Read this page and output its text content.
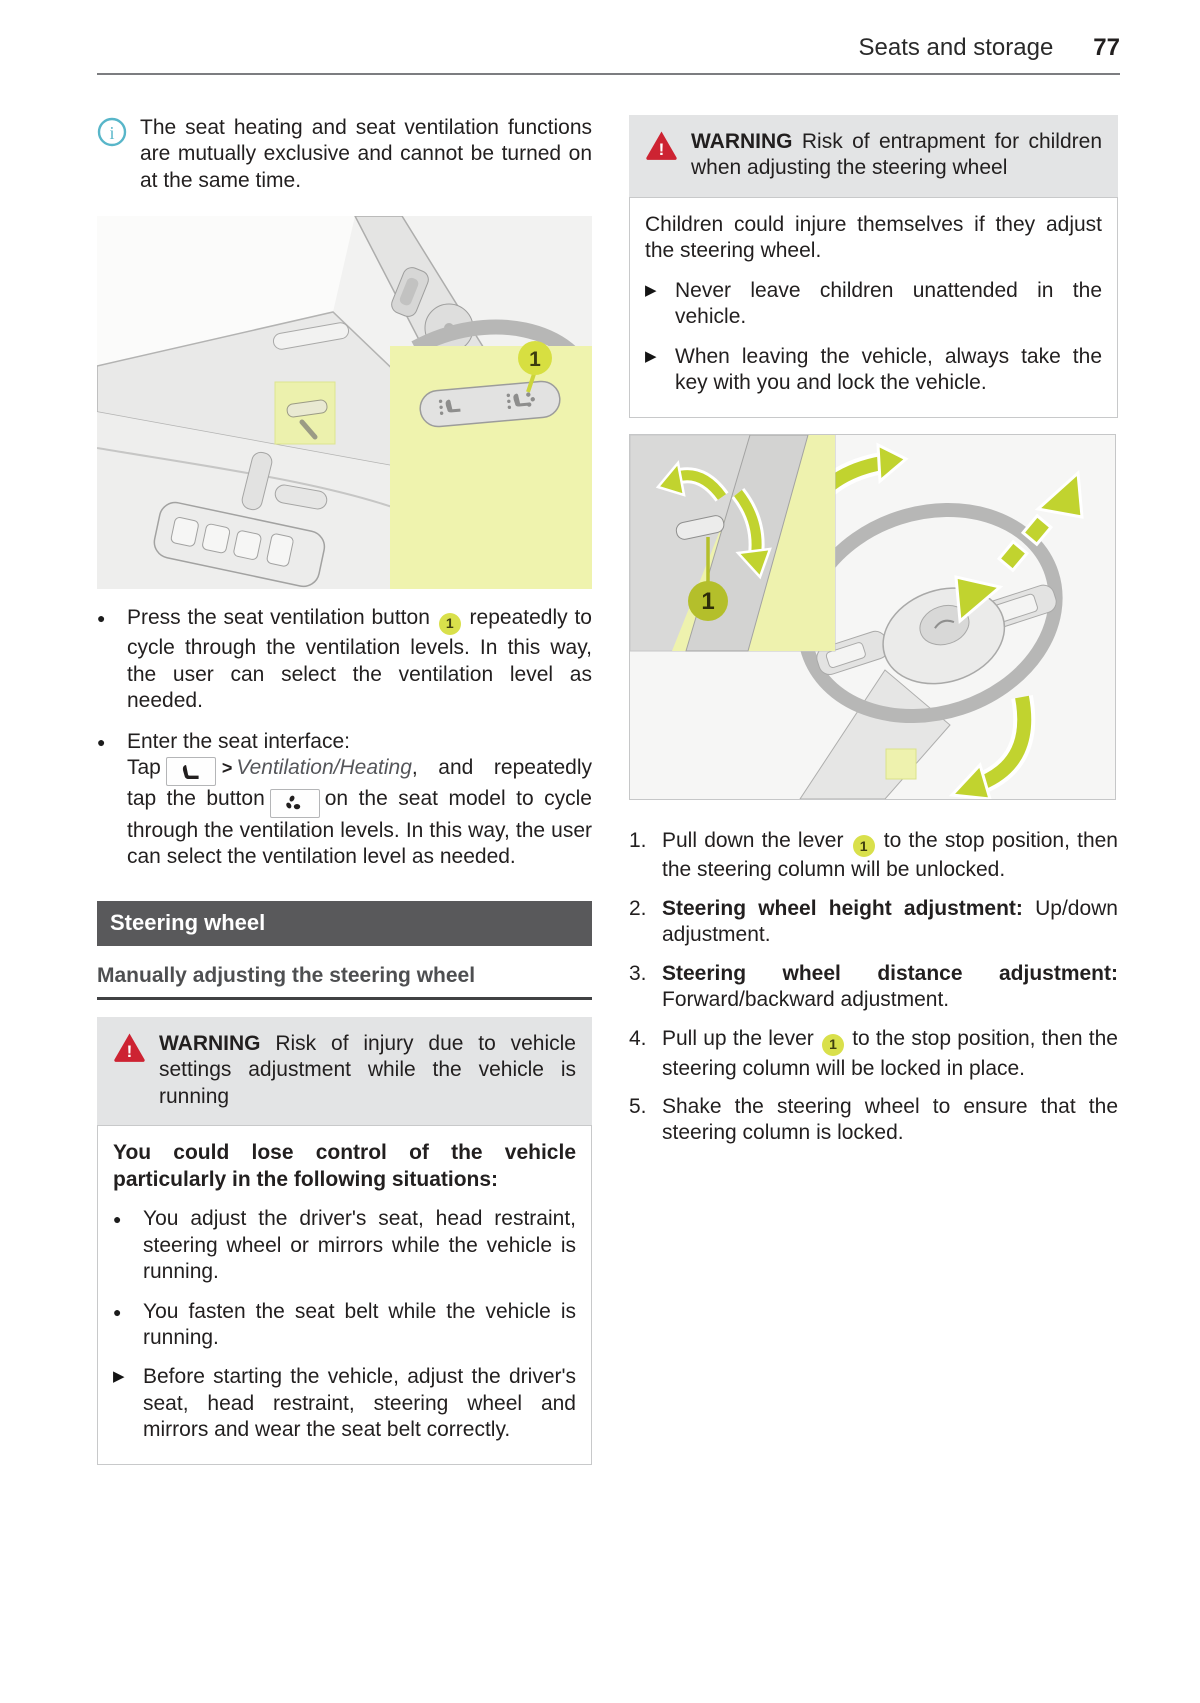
Seats and storage 77
i The seat heating and seat ventilation functions are mutually exclusive and cannot be turned on at the same time.

1
●	Press the seat ventilation button 1 repeatedly to cycle through the ventilation levels. In this way, the user can select the ventilation level as needed.

●	Enter the seat interface:

Tap	> Ventilation/Heating, and repeatedly tap the button	on the seat model to cycle through the ventilation levels. In this way, the user can select the ventilation level as needed.

Steering wheel
Manually adjusting the steering wheel
! WARNING Risk of injury due to vehicle settings adjustment while the vehicle is running

You could lose control of the vehicle particularly in the following situations:

●	You adjust the driver's seat, head restraint, steering wheel or mirrors while the vehicle is running.

●	You fasten the seat belt while the vehicle is running.

▶ Before starting the vehicle, adjust the driver's seat, head restraint, steering wheel and mirrors and wear the seat belt correctly.

! WARNING Risk of entrapment for children when adjusting the steering wheel

Children could injure themselves if they adjust the steering wheel.

▶ Never leave children unattended in the vehicle.

▶ When leaving the vehicle, always take the key with you and lock the vehicle.

1
1. Pull down the lever 1 to the stop position, then the steering column will be unlocked.

2. Steering wheel height adjustment: Up/down adjustment.

3. Steering wheel distance adjustment: Forward/backward adjustment.

4. Pull up the lever 1 to the stop position, then the steering column will be locked in place.

5. Shake the steering wheel to ensure that the steering column is locked.
